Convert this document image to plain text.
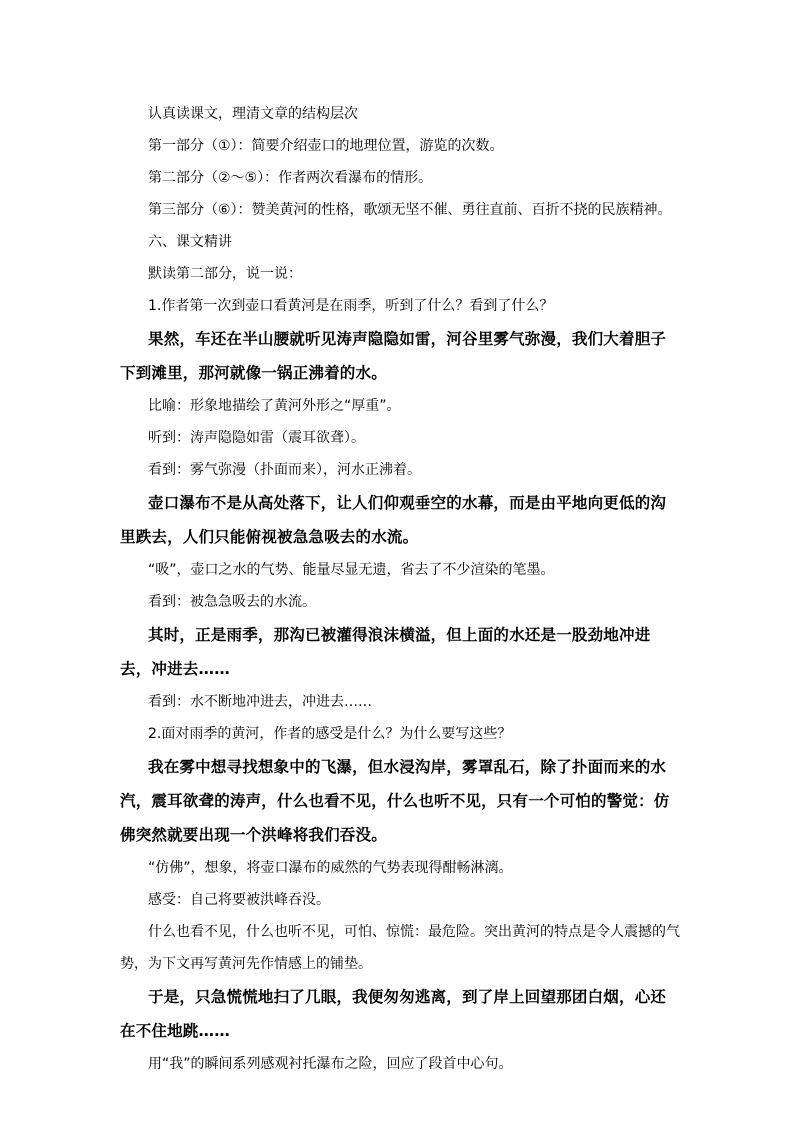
认真读课文，理清文章的结构层次

第一部分（①）：简要介绍壶口的地理位置，游览的次数。

第二部分（②～⑤）：作者两次看瀑布的情形。

第三部分（⑥）：赞美黄河的性格，歌颂无坚不催、勇往直前、百折不挠的民族精神。

六、课文精讲

默读第二部分，说一说：

1.作者第一次到壶口看黄河是在雨季，听到了什么？看到了什么？

果然，车还在半山腰就听见涛声隐隐如雷，河谷里雾气弥漫，我们大着胆子下到滩里，那河就像一锅正沸着的水。

比喻：形象地描绘了黄河外形之“厚重”。

听到：涛声隐隐如雷（震耳欲聋）。

看到：雾气弥漫（扑面而来），河水正沸着。

壶口瀑布不是从高处落下，让人们仰观垂空的水幕，而是由平地向更低的沟里跌去，人们只能俯视被急急吸去的水流。

“吸”，壶口之水的气势、能量尽显无遗，省去了不少渲染的笔墨。

看到：被急急吸去的水流。

其时，正是雨季，那沟已被灌得浪沫横溢，但上面的水还是一股劲地冲进去，冲进去……

看到：水不断地冲进去，冲进去……

2.面对雨季的黄河，作者的感受是什么？为什么要写这些？

我在雾中想寻找想象中的飞瀑，但水浸沟岸，雾罩乱石，除了扑面而来的水汽，震耳欲聋的涛声，什么也看不见，什么也听不见，只有一个可怕的警觉：仿佛突然就要出现一个洪峰将我们吞没。

“仿佛”，想象，将壶口瀑布的威然的气势表现得酣畅淋漓。

感受：自己将要被洪峰吞没。

什么也看不见，什么也听不见，可怕、惊慌：最危险。突出黄河的特点是令人震撼的气势，为下文再写黄河先作情感上的铺垫。

于是，只急慌慌地扫了几眼，我便匆匆逃离，到了岸上回望那团白烟，心还在不住地跳……

用“我”的瞬间系列感观衬托瀑布之险，回应了段首中心句。
